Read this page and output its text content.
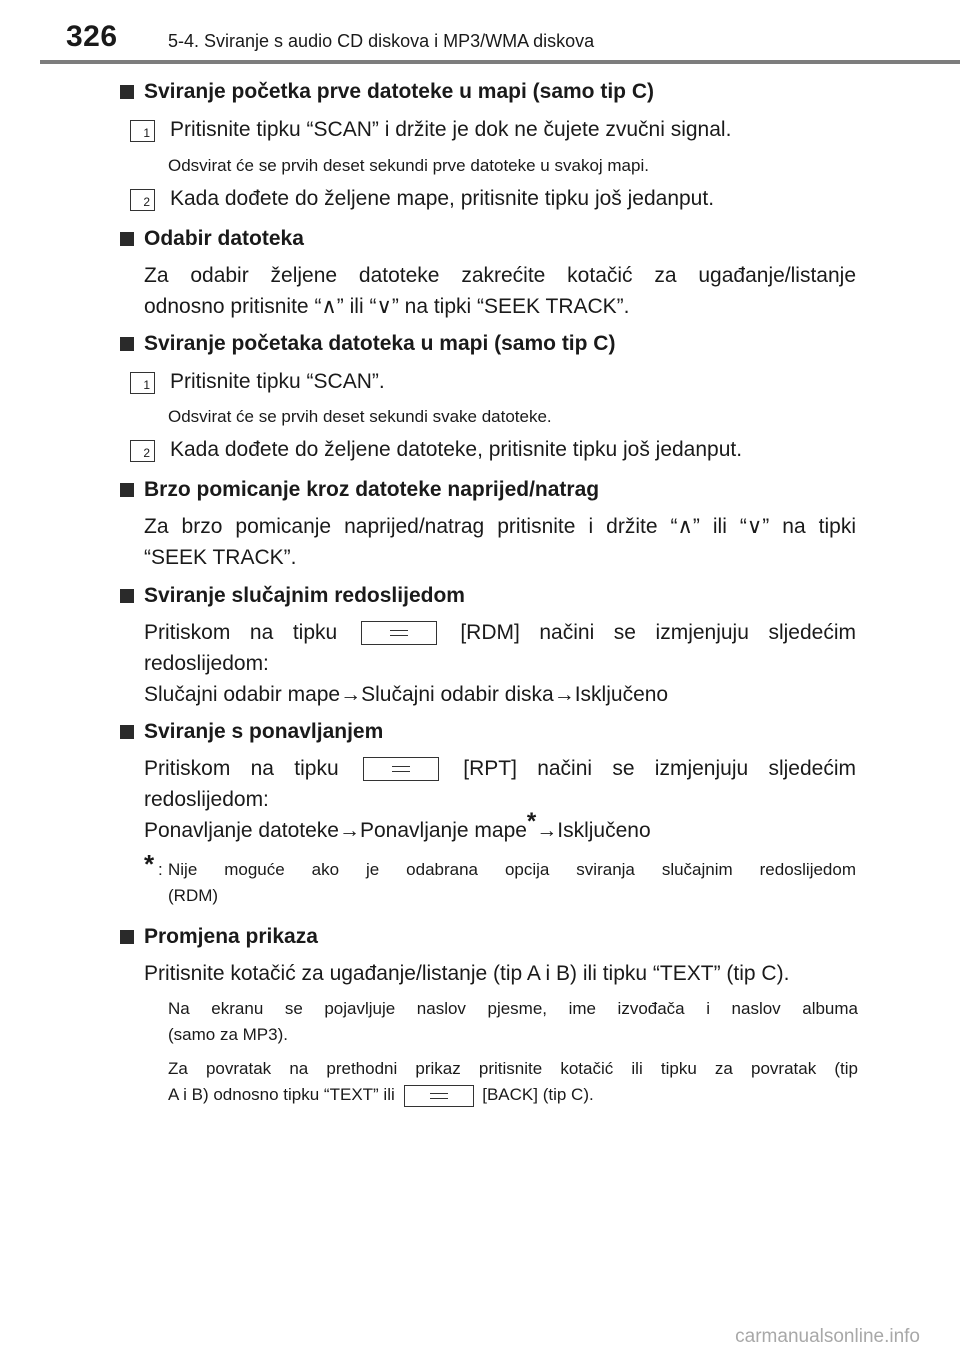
326	5-4. Sviranje s audio CD diskova i MP3/WMA diskova
Sviranje početka prve datoteke u mapi (samo tip C)
1 Pritisnite tipku “SCAN” i držite je dok ne čujete zvučni signal.
Odsvirat će se prvih deset sekundi prve datoteke u svakoj mapi.
2 Kada dođete do željene mape, pritisnite tipku još jedanput.
Odabir datoteka
Za odabir željene datoteke zakrećite kotačić za ugađanje/listanje
odnosno pritisnite “∧” ili “∨” na tipki “SEEK TRACK”.
Sviranje početaka datoteka u mapi (samo tip C)
1 Pritisnite tipku “SCAN”.
Odsvirat će se prvih deset sekundi svake datoteke.
2 Kada dođete do željene datoteke, pritisnite tipku još jedanput.
Brzo pomicanje kroz datoteke naprijed/natrag
Za brzo pomicanje naprijed/natrag pritisnite i držite “∧” ili “∨” na tipki
“SEEK TRACK”.
Sviranje slučajnim redoslijedom
Pritiskom na tipku	[RDM] načini se izmjenjuju sljedećim
redoslijedom:
Slučajni odabir mape→Slučajni odabir diska→Isključeno
Sviranje s ponavljanjem
Pritiskom na tipku	[RPT] načini se izmjenjuju sljedećim
redoslijedom:
Ponavljanje datoteke→Ponavljanje mape*→Isključeno
* : Nije moguće ako je odabrana opcija sviranja slučajnim redoslijedom
(RDM)
Promjena prikaza
Pritisnite kotačić za ugađanje/listanje (tip A i B) ili tipku “TEXT” (tip C).
Na ekranu se pojavljuje naslov pjesme, ime izvođača i naslov albuma
(samo za MP3).
Za povratak na prethodni prikaz pritisnite kotačić ili tipku za povratak (tip
A i B) odnosno tipku “TEXT” ili	[BACK] (tip C).
carmanualsonline.info
